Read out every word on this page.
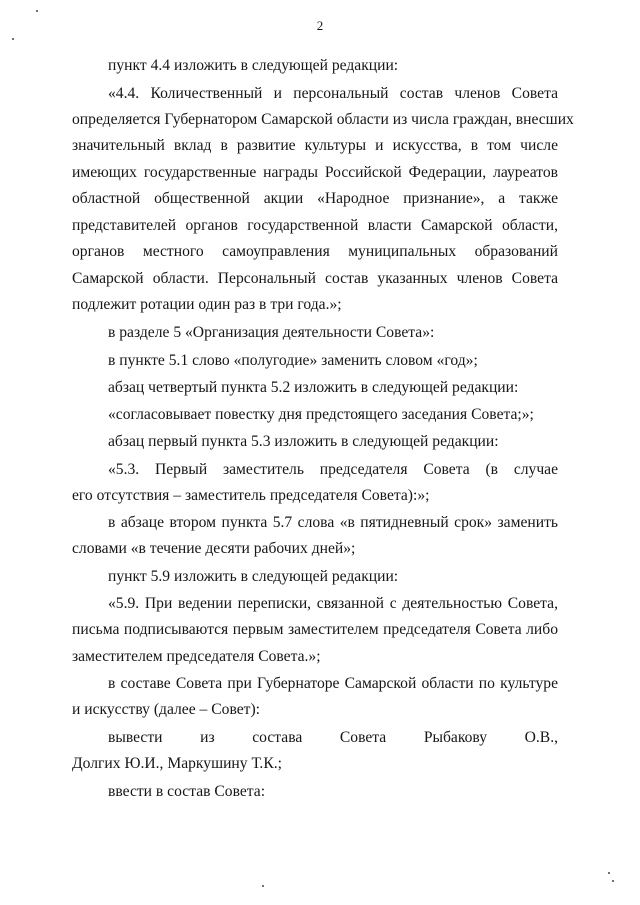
2
пункт 4.4 изложить в следующей редакции:
«4.4. Количественный и персональный состав членов Совета
определяется Губернатором Самарской области из числа граждан, внесших
значительный вклад в развитие культуры и искусства, в том числе
имеющих государственные награды Российской Федерации, лауреатов
областной общественной акции «Народное признание», а также
представителей органов государственной власти Самарской области,
органов местного самоуправления муниципальных образований
Самарской области. Персональный состав указанных членов Совета
подлежит ротации один раз в три года.»;
в разделе 5 «Организация деятельности Совета»:
в пункте 5.1 слово «полугодие» заменить словом «год»;
абзац четвертый пункта 5.2 изложить в следующей редакции:
«согласовывает повестку дня предстоящего заседания Совета;»;
абзац первый пункта 5.3 изложить в следующей редакции:
«5.3. Первый заместитель председателя Совета (в случае
его отсутствия – заместитель председателя Совета):»;
в абзаце втором пункта 5.7 слова «в пятидневный срок» заменить
словами «в течение десяти рабочих дней»;
пункт 5.9 изложить в следующей редакции:
«5.9. При ведении переписки, связанной с деятельностью Совета,
письма подписываются первым заместителем председателя Совета либо
заместителем председателя Совета.»;
в составе Совета при Губернаторе Самарской области по культуре
и искусству (далее – Совет):
вывести из состава Совета Рыбакову О.В.,
Долгих Ю.И., Маркушину Т.К.;
ввести в состав Совета:
